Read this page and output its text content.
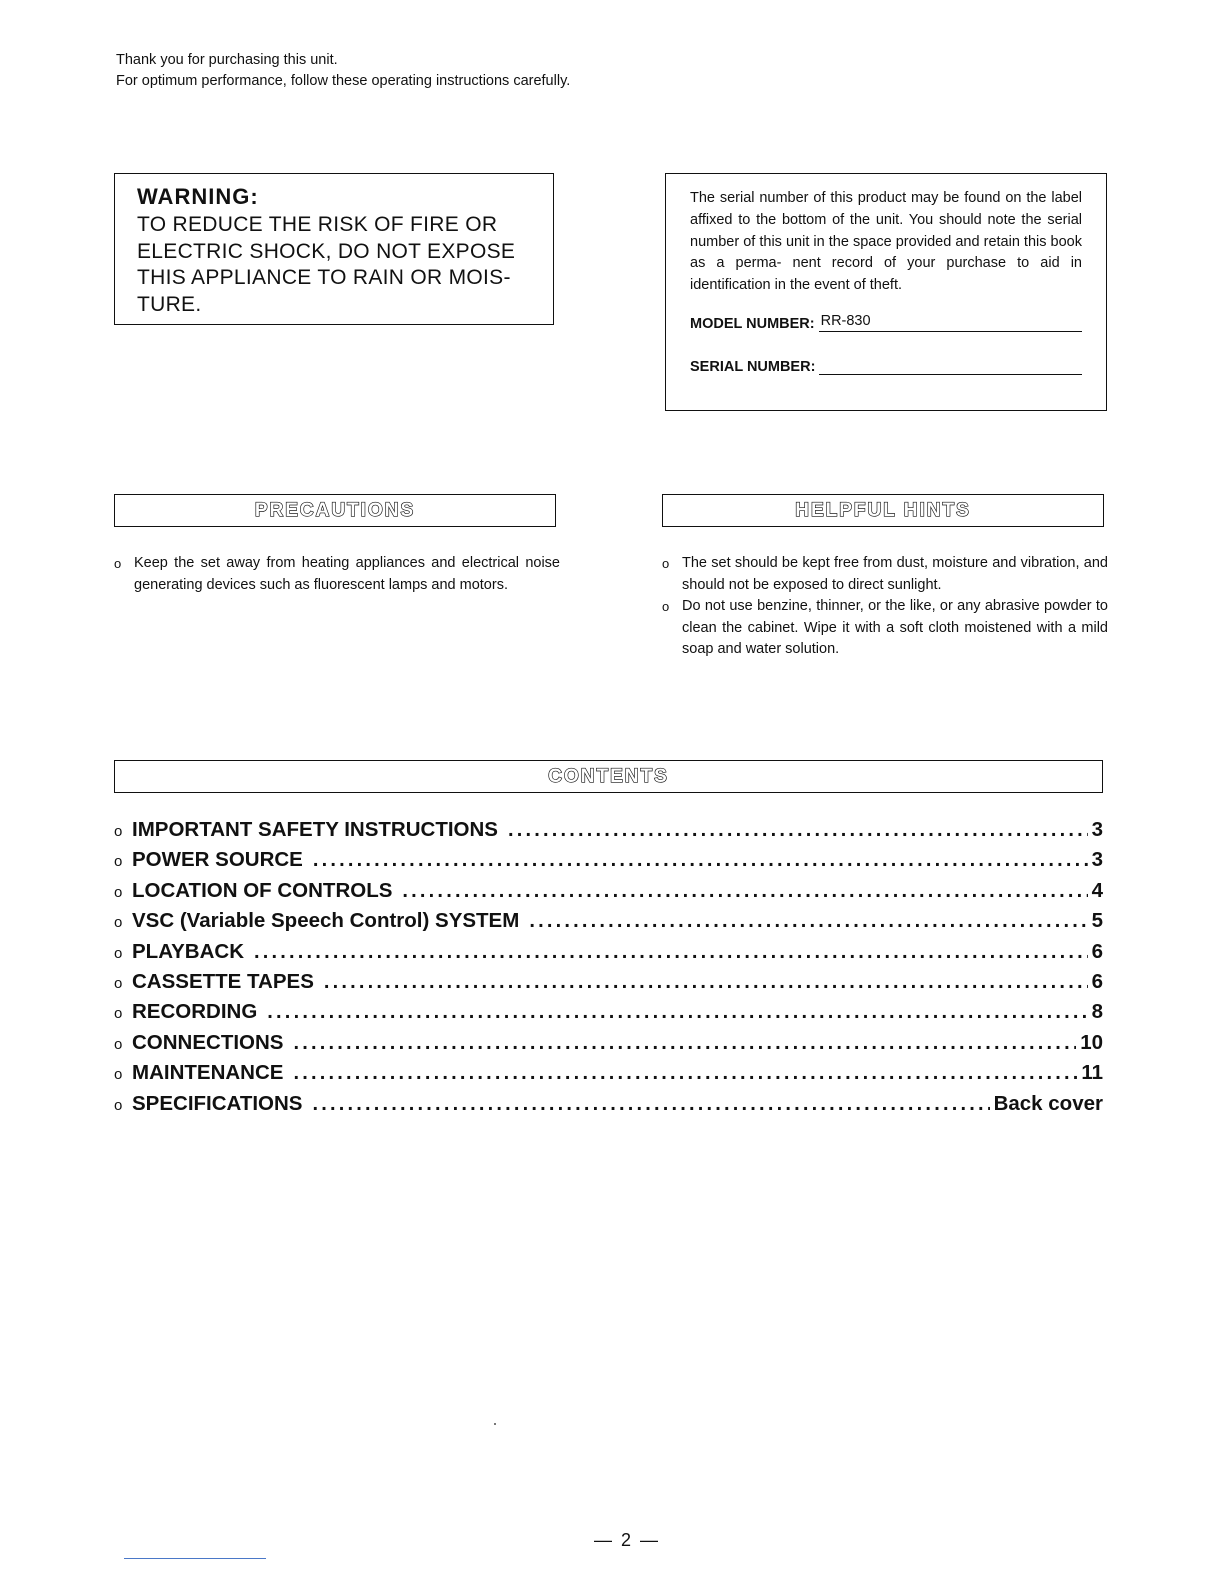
Thank you for purchasing this unit.
For optimum performance, follow these operating instructions carefully.
WARNING:
TO REDUCE THE RISK OF FIRE OR ELECTRIC SHOCK, DO NOT EXPOSE THIS APPLIANCE TO RAIN OR MOIS- TURE.
The serial number of this product may be found on the label affixed to the bottom of the unit. You should note the serial number of this unit in the space provided and retain this book as a perma- nent record of your purchase to aid in identification in the event of theft.
MODEL NUMBER: RR-830
SERIAL NUMBER:
PRECAUTIONS	HELPFUL HINTS
o Keep the set away from heating appliances and electrical noise generating devices such as fluorescent lamps and motors.
o The set should be kept free from dust, moisture and vibration, and should not be exposed to direct sunlight.
o Do not use benzine, thinner, or the like, or any abrasive powder to clean the cabinet. Wipe it with a soft cloth moistened with a mild soap and water solution.
CONTENTS
o IMPORTANT SAFETY INSTRUCTIONS .....	3
o POWER SOURCE .....	3
o LOCATION OF CONTROLS .....	4
o VSC (Variable Speech Control) SYSTEM .....	5
o PLAYBACK .....	6
o CASSETTE TAPES .....	6
o RECORDING .....	8
o CONNECTIONS .....	10
o MAINTENANCE .....	11
o SPECIFICATIONS .....	Back cover
— 2 —
